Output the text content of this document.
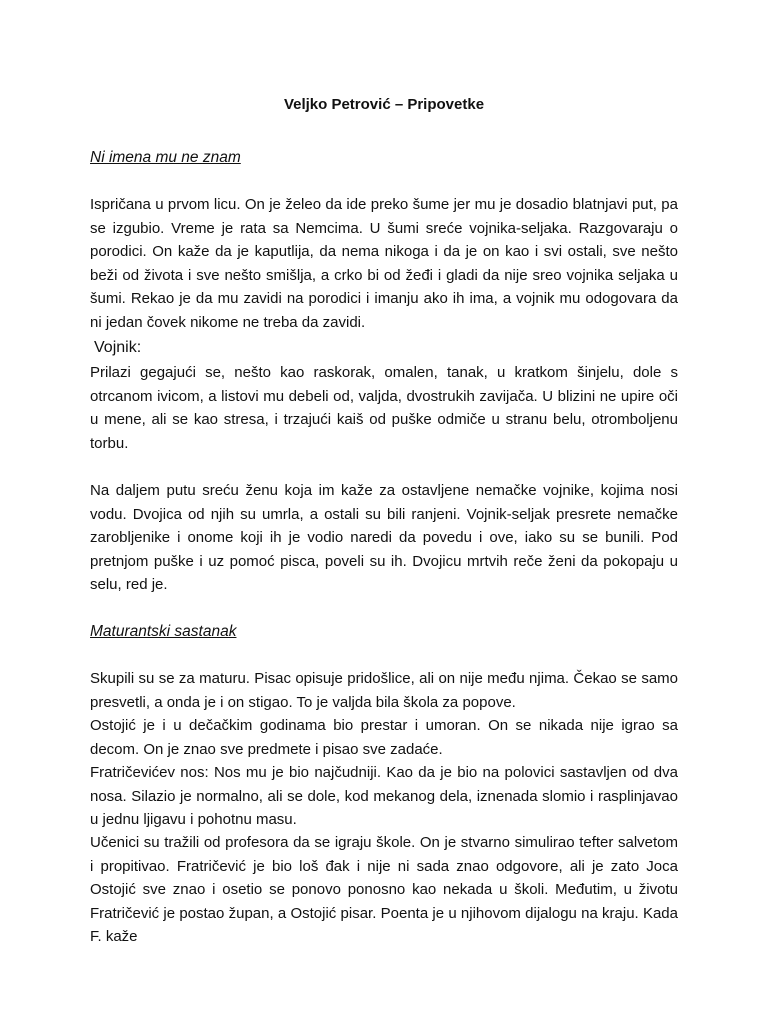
Veljko Petrović – Pripovetke
Ni imena mu ne znam

Ispričana u prvom licu. On je želeo da ide preko šume jer mu je dosadio blatnjavi put, pa se izgubio. Vreme je rata sa Nemcima. U šumi sreće vojnika-seljaka. Razgovaraju o porodici. On kaže da je kaputlija, da nema nikoga i da je on kao i svi ostali, sve nešto beži od života i sve nešto smišlja, a crko bi od žeđi i gladi da nije sreo vojnika seljaka u šumi. Rekao je da mu zavidi na porodici i imanju ako ih ima, a vojnik mu odogovara da ni jedan čovek nikome ne treba da zavidi.

Vojnik:

Prilazi gegajući se, nešto kao raskorak, omalen, tanak, u kratkom šinjelu, dole s otrcanom ivicom, a listovi mu debeli od, valjda, dvostrukih zavijača. U blizini ne upire oči u mene, ali se kao stresa, i trzajući kaiš od puške odmiče u stranu belu, otromboljenu torbu.

Na daljem putu sreću ženu koja im kaže za ostavljene nemačke vojnike, kojima nosi vodu. Dvojica od njih su umrla, a ostali su bili ranjeni. Vojnik-seljak presrete nemačke zarobljenike i onome koji ih je vodio naredi da povedu i ove, iako su se bunili. Pod pretnjom puške i uz pomoć pisca, poveli su ih. Dvojicu mrtvih reče ženi da pokopaju u selu, red je.

Maturantski sastanak

Skupili su se za maturu. Pisac opisuje pridošlice, ali on nije među njima. Čekao se samo presvetli, a onda je i on stigao. To je valjda bila škola za popove.

Ostojić je i u dečačkim godinama bio prestar i umoran. On se nikada nije igrao sa decom. On je znao sve predmete i pisao sve zadaće.

Fratričevićev nos: Nos mu je bio najčudniji. Kao da je bio na polovici sastavljen od dva nosa. Silazio je normalno, ali se dole, kod mekanog dela, iznenada slomio i rasplinjavao u jednu ljigavu i pohotnu masu.

Učenici su tražili od profesora da se igraju škole. On je stvarno simulirao tefter salvetom i propitivao. Fratričević je bio loš đak i nije ni sada znao odgovore, ali je zato Joca Ostojić sve znao i osetio se ponovo ponosno kao nekada u školi. Međutim, u životu Fratričević je postao župan, a Ostojić pisar. Poenta je u njihovom dijalogu na kraju. Kada F. kaže
